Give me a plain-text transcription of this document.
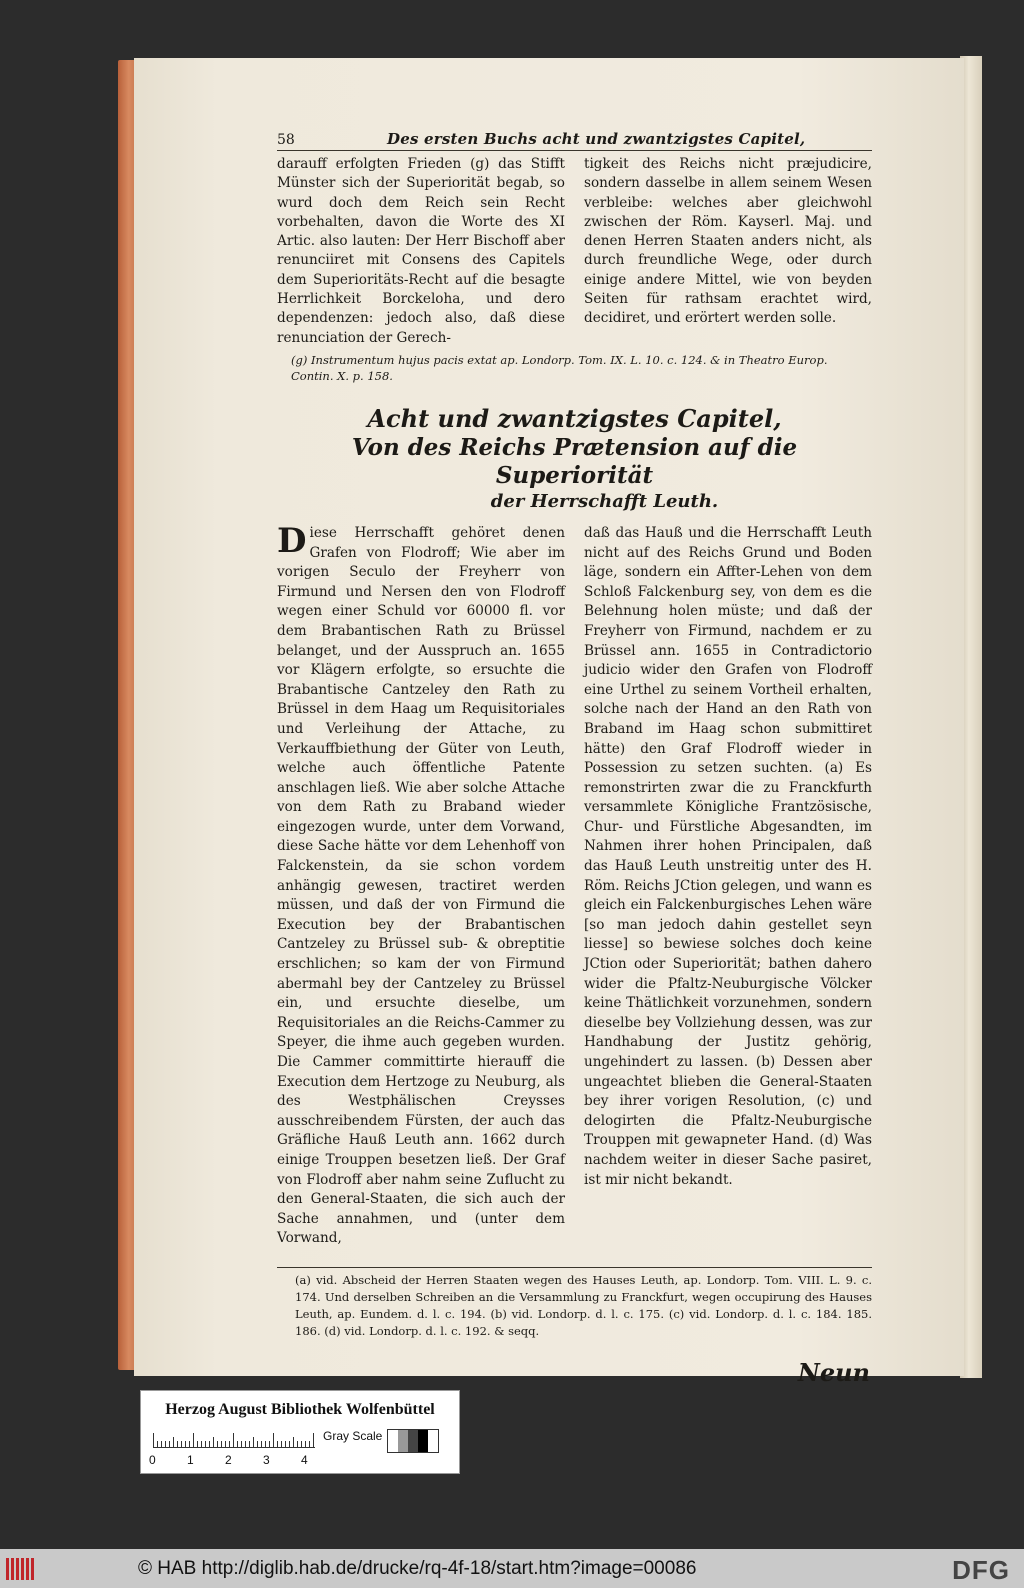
58	Des ersten Buchs acht und zwantzigstes Capitel,

darauff erfolgten Frieden (g) das Stifft Münster sich der Superiorität begab, so wurd doch dem Reich sein Recht vorbehalten, davon die Worte des XI Artic. also lauten: Der Herr Bischoff aber renunciiret mit Consens des Capitels dem Superioritäts-Recht auf die besagte Herrlichkeit Borckeloha, und dero dependenzen: jedoch also, daß diese renunciation der Gerech-

tigkeit des Reichs nicht præjudicire, sondern dasselbe in allem seinem Wesen verbleibe: welches aber gleichwohl zwischen der Röm. Kayserl. Maj. und denen Herren Staaten anders nicht, als durch freundliche Wege, oder durch einige andere Mittel, wie von beyden Seiten für rathsam erachtet wird, decidiret, und erörtert werden solle.

(g) Instrumentum hujus pacis extat ap. Londorp. Tom. IX. L. 10. c. 124. & in Theatro Europ. Contin. X. p. 158.
Acht und zwantzigstes Capitel,
Von des Reichs Prætension auf die Superiorität
der Herrschafft Leuth.
D iese Herrschafft gehöret denen Grafen von Flodroff; Wie aber im vorigen Seculo der Freyherr von Firmund und Nersen den von Flodroff wegen einer Schuld vor 60000 fl. vor dem Brabantischen Rath zu Brüssel belanget, und der Ausspruch an. 1655 vor Klägern erfolgte, so ersuchte die Brabantische Cantzeley den Rath zu Brüssel in dem Haag um Requisitoriales und Verleihung der Attache, zu Verkauffbiethung der Güter von Leuth, welche auch öffentliche Patente anschlagen ließ. Wie aber solche Attache von dem Rath zu Braband wieder eingezogen wurde, unter dem Vorwand, diese Sache hätte vor dem Lehenhoff von Falckenstein, da sie schon vordem anhängig gewesen, tractiret werden müssen, und daß der von Firmund die Execution bey der Brabantischen Cantzeley zu Brüssel sub- & obreptitie erschlichen; so kam der von Firmund abermahl bey der Cantzeley zu Brüssel ein, und ersuchte dieselbe, um Requisitoriales an die Reichs-Cammer zu Speyer, die ihme auch gegeben wurden. Die Cammer committirte hierauff die Execution dem Hertzoge zu Neuburg, als des Westphälischen Creysses ausschreibendem Fürsten, der auch das Gräfliche Hauß Leuth ann. 1662 durch einige Trouppen besetzen ließ. Der Graf von Flodroff aber nahm seine Zuflucht zu den General-Staaten, die sich auch der Sache annahmen, und (unter dem Vorwand,

daß das Hauß und die Herrschafft Leuth nicht auf des Reichs Grund und Boden läge, sondern ein Affter-Lehen von dem Schloß Falckenburg sey, von dem es die Belehnung holen müste; und daß der Freyherr von Firmund, nachdem er zu Brüssel ann. 1655 in Contradictorio judicio wider den Grafen von Flodroff eine Urthel zu seinem Vortheil erhalten, solche nach der Hand an den Rath von Braband im Haag schon submittiret hätte) den Graf Flodroff wieder in Possession zu setzen suchten. (a) Es remonstrirten zwar die zu Franckfurth versammlete Königliche Frantzösische, Chur- und Fürstliche Abgesandten, im Nahmen ihrer hohen Principalen, daß das Hauß Leuth unstreitig unter des H. Röm. Reichs JCtion gelegen, und wann es gleich ein Falckenburgisches Lehen wäre [so man jedoch dahin gestellet seyn liesse] so bewiese solches doch keine JCtion oder Superiorität; bathen dahero wider die Pfaltz-Neuburgische Völcker keine Thätlichkeit vorzunehmen, sondern dieselbe bey Vollziehung dessen, was zur Handhabung der Justitz gehörig, ungehindert zu lassen. (b) Dessen aber ungeachtet blieben die General-Staaten bey ihrer vorigen Resolution, (c) und delogirten die Pfaltz-Neuburgische Trouppen mit gewapneter Hand. (d) Was nachdem weiter in dieser Sache pasiret, ist mir nicht bekandt.

(a) vid. Abscheid der Herren Staaten wegen des Hauses Leuth, ap. Londorp. Tom. VIII. L. 9. c. 174. Und derselben Schreiben an die Versammlung zu Franckfurt, wegen occupirung des Hauses Leuth, ap. Eundem. d. l. c. 194. (b) vid. Londorp. d. l. c. 175. (c) vid. Londorp. d. l. c. 184. 185. 186. (d) vid. Londorp. d. l. c. 192. & seqq.
Neun
Herzog August Bibliothek Wolfenbüttel
0	1	2	3	4
Gray Scale
© HAB http://diglib.hab.de/drucke/rq-4f-18/start.htm?image=00086	DFG
